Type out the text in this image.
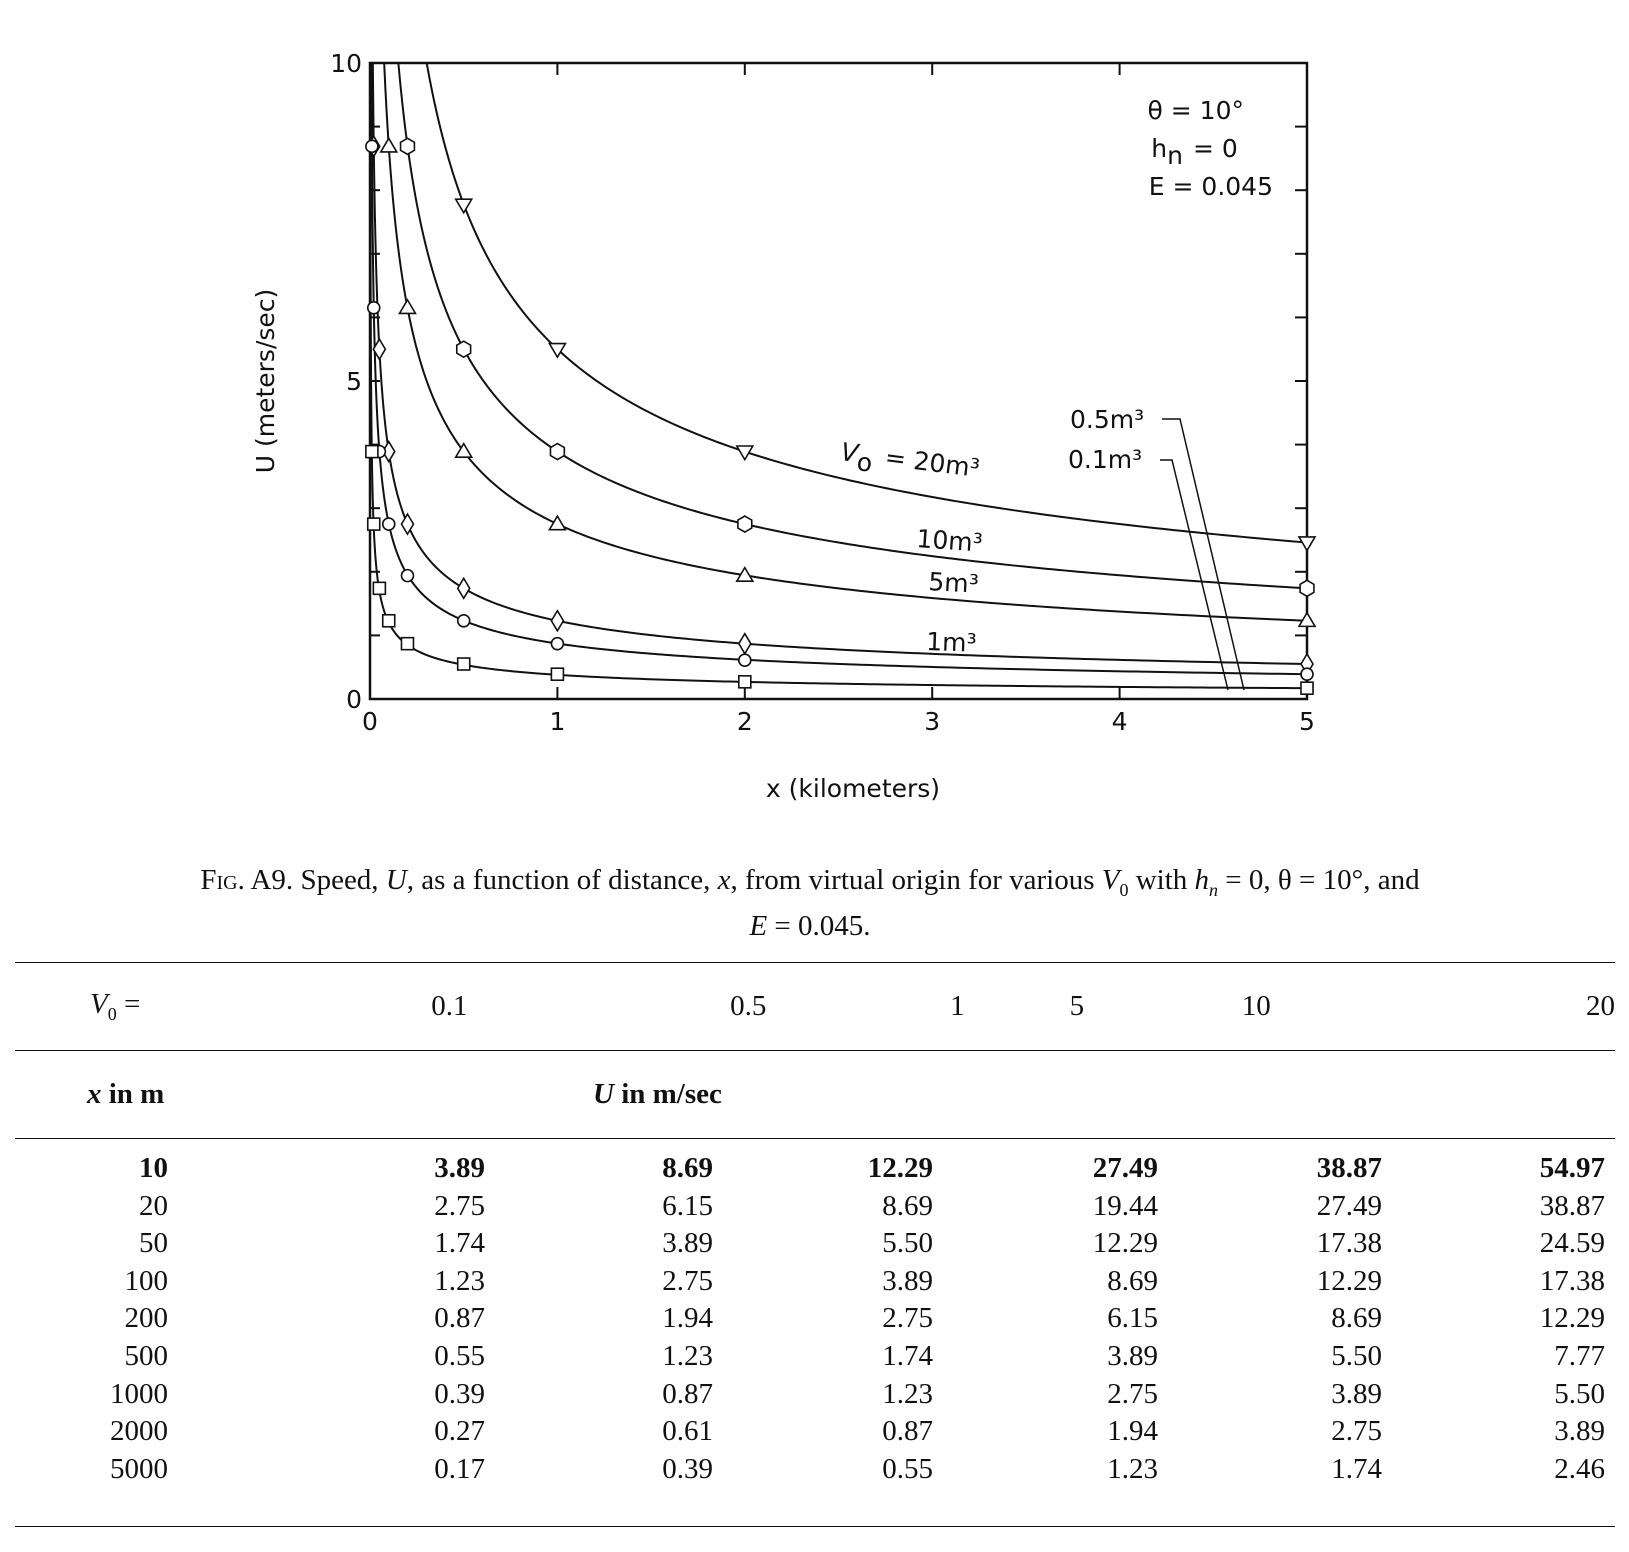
0	1	2	3	4	5
0
5
10
x (kilometers)
U (meters/sec)
θ = 10°
hn = 0
E = 0.045
Vo = 20m³
10m³
5m³
1m³
0.5m³
0.1m³
Fig. A9. Speed, U, as a function of distance, x, from virtual origin for various $V_0$ with $h_n = 0$, θ = 10°, and
E = 0.045.
$V_0$ =	0.1	0.5	1	5	10	20
x in m	U in m/sec					
10	3.89	8.69	12.29	27.49	38.87	54.97
20	2.75	6.15	8.69	19.44	27.49	38.87
50	1.74	3.89	5.50	12.29	17.38	24.59
100	1.23	2.75	3.89	8.69	12.29	17.38
200	0.87	1.94	2.75	6.15	8.69	12.29
500	0.55	1.23	1.74	3.89	5.50	7.77
1000	0.39	0.87	1.23	2.75	3.89	5.50
2000	0.27	0.61	0.87	1.94	2.75	3.89
5000	0.17	0.39	0.55	1.23	1.74	2.46
